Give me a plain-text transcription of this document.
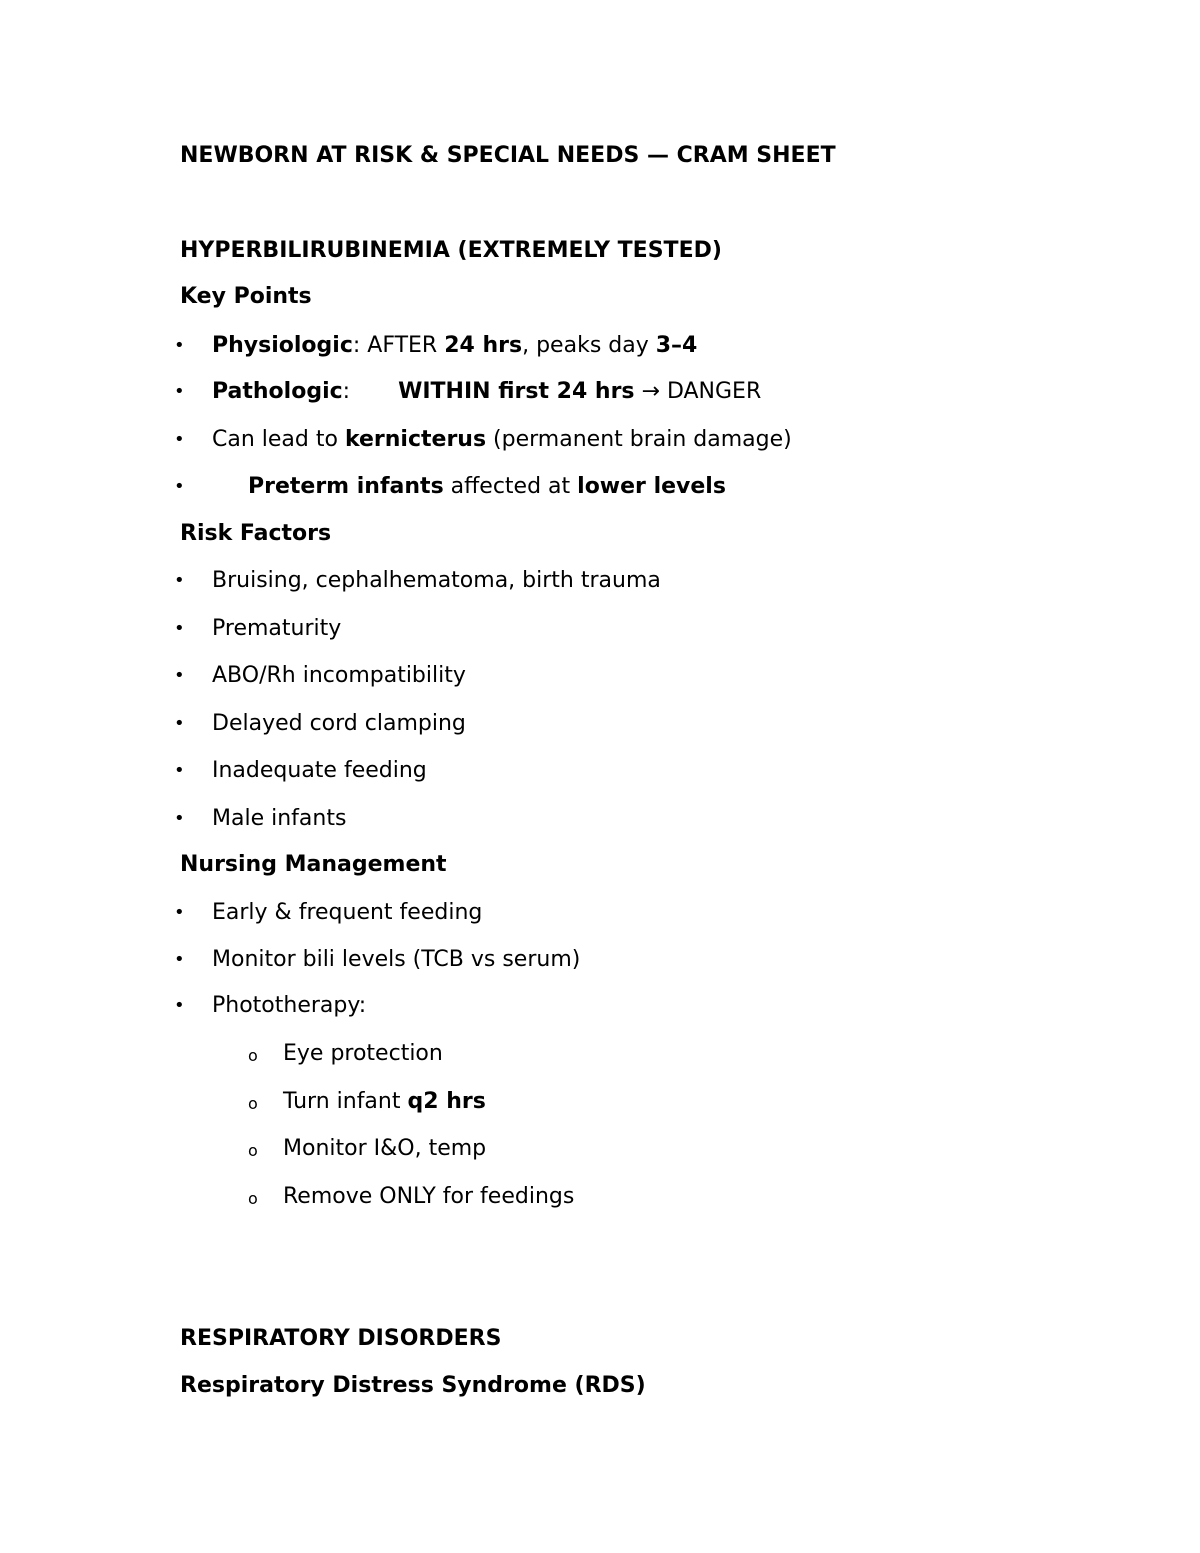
NEWBORN AT RISK & SPECIAL NEEDS — CRAM SHEET
HYPERBILIRUBINEMIA (EXTREMELY TESTED)
Key Points
• Physiologic: AFTER 24 hrs, peaks day 3–4
• Pathologic: WITHIN first 24 hrs → DANGER
• Can lead to kernicterus (permanent brain damage)
•	Preterm infants affected at lower levels
Risk Factors
• Bruising, cephalhematoma, birth trauma
• Prematurity
• ABO/Rh incompatibility
• Delayed cord clamping
• Inadequate feeding
• Male infants
Nursing Management
• Early & frequent feeding
• Monitor bili levels (TCB vs serum)
• Phototherapy:
o Eye protection
o Turn infant q2 hrs
o Monitor I&O, temp
o Remove ONLY for feedings
RESPIRATORY DISORDERS
Respiratory Distress Syndrome (RDS)
